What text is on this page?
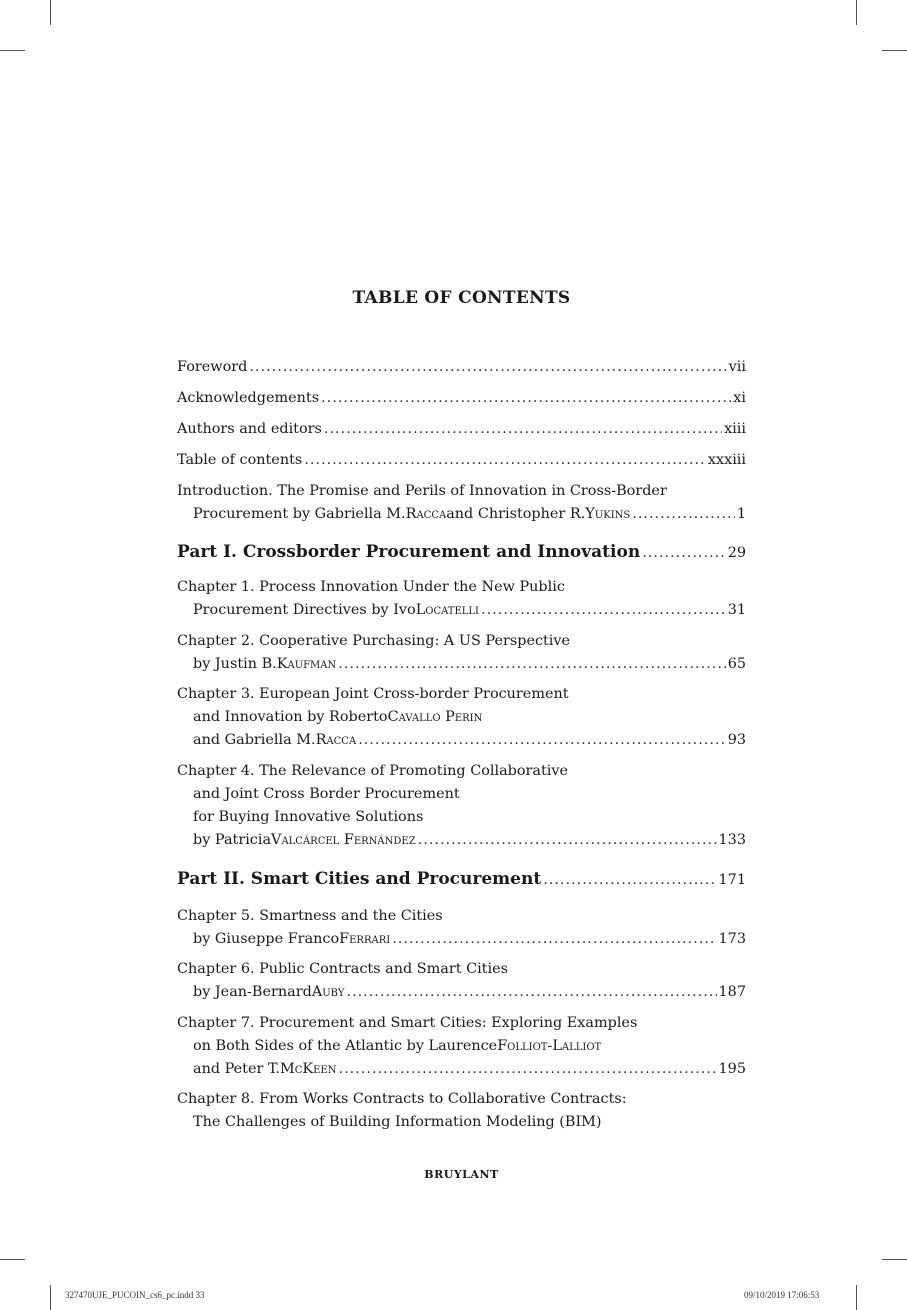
TABLE OF CONTENTS
Foreword .....	vii
Acknowledgements .....	xi
Authors and editors .....	xiii
Table of contents .....	xxxiii
Introduction. The Promise and Perils of Innovation in Cross-Border
Procurement by Gabriella M. Racca and Christopher R. Yukins .....	1
Part I. Crossborder Procurement and Innovation .....	29
Chapter 1. Process Innovation Under the New Public
Procurement Directives by Ivo Locatelli .....	31
Chapter 2. Cooperative Purchasing: A US Perspective
by Justin B. Kaufman .....	65
Chapter 3. European Joint Cross-border Procurement
and Innovation by Roberto Cavallo Perin
and Gabriella M. Racca .....	93
Chapter 4. The Relevance of Promoting Collaborative
and Joint Cross Border Procurement
for Buying Innovative Solutions
by Patricia Valcárcel Fernández .....	133
Part II. Smart Cities and Procurement .....	171
Chapter 5. Smartness and the Cities
by Giuseppe Franco Ferrari .....	173
Chapter 6. Public Contracts and Smart Cities
by Jean-Bernard Auby .....	187
Chapter 7. Procurement and Smart Cities: Exploring Examples
on Both Sides of the Atlantic by Laurence Folliot-Lalliot
and Peter T. McKeen .....	195
Chapter 8. From Works Contracts to Collaborative Contracts:
The Challenges of Building Information Modeling (BIM)
BRUYLANT
327470UJE_PUCOIN_cs6_pc.indd 33	09/10/2019 17:06:53
